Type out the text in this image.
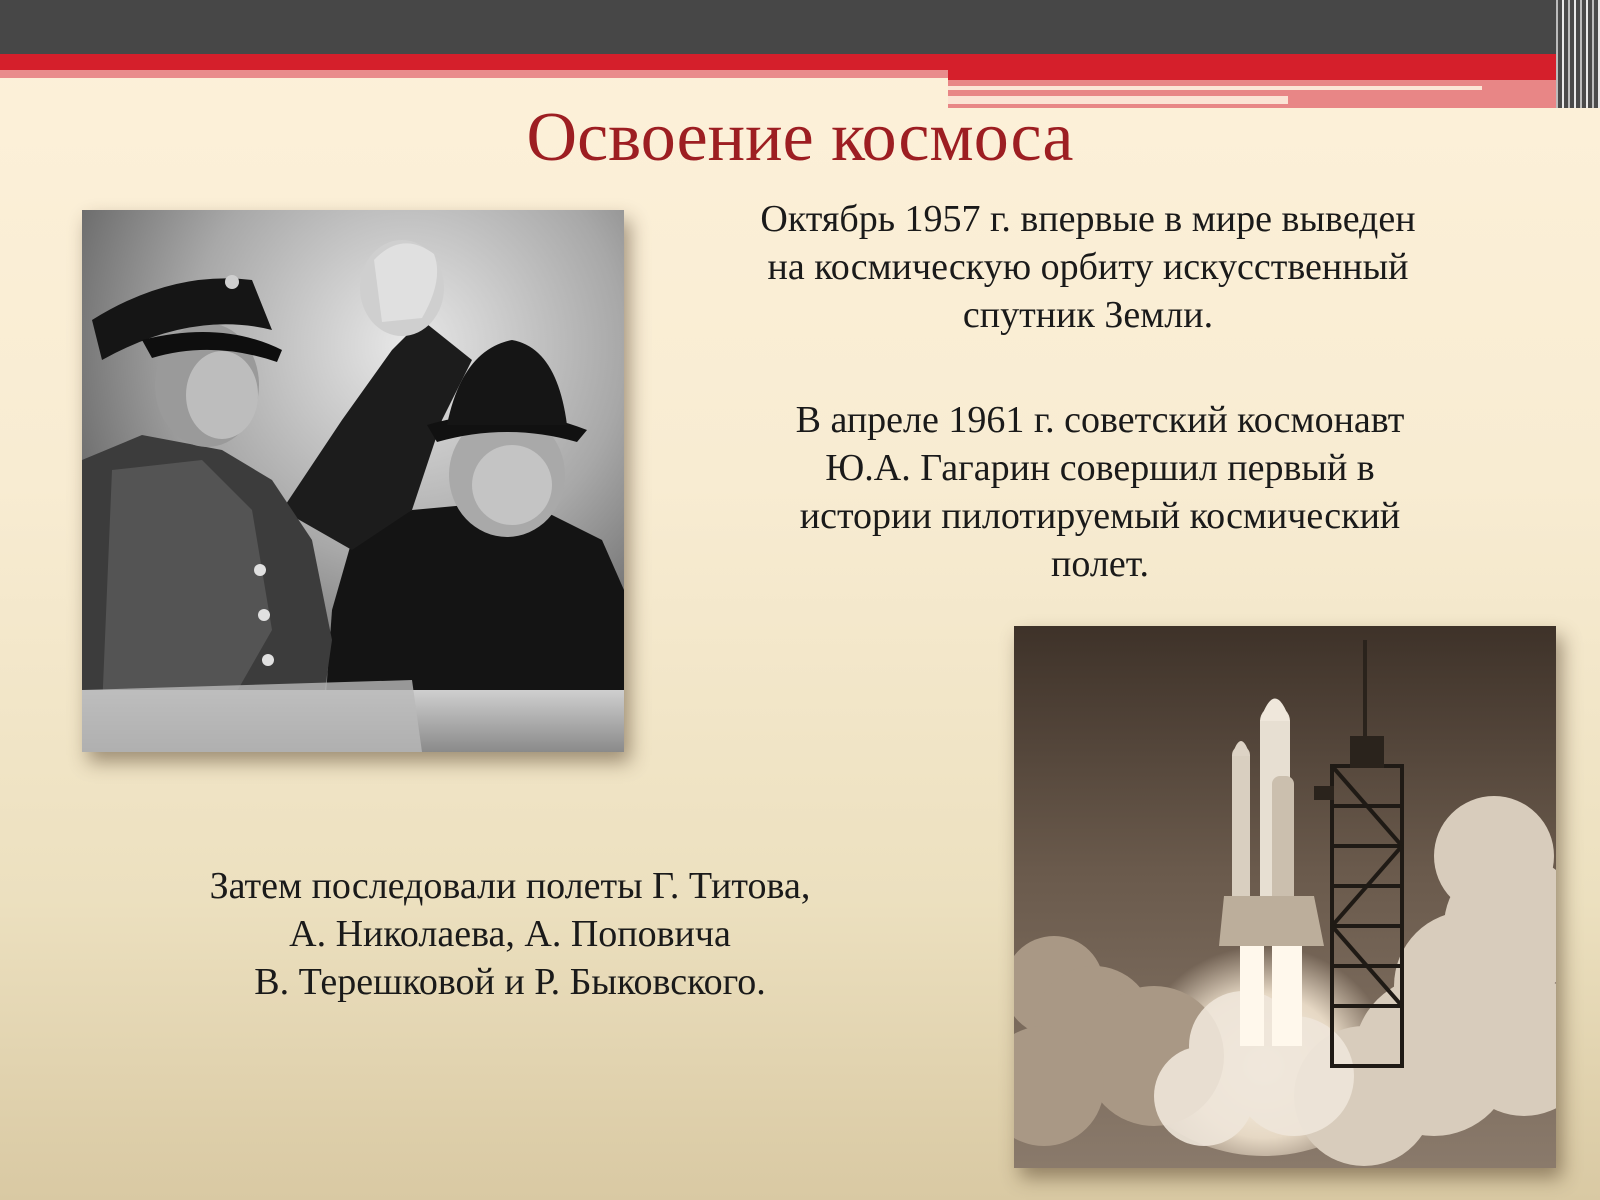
Освоение космоса

Октябрь 1957 г. впервые в мире выведен
на космическую орбиту искусственный
спутник Земли.

В апреле 1961 г. советский космонавт
Ю.А. Гагарин совершил первый в
истории пилотируемый космический
полет.

Затем последовали полеты Г. Титова,
А. Николаева, А. Поповича
В. Терешковой и Р. Быковского.
